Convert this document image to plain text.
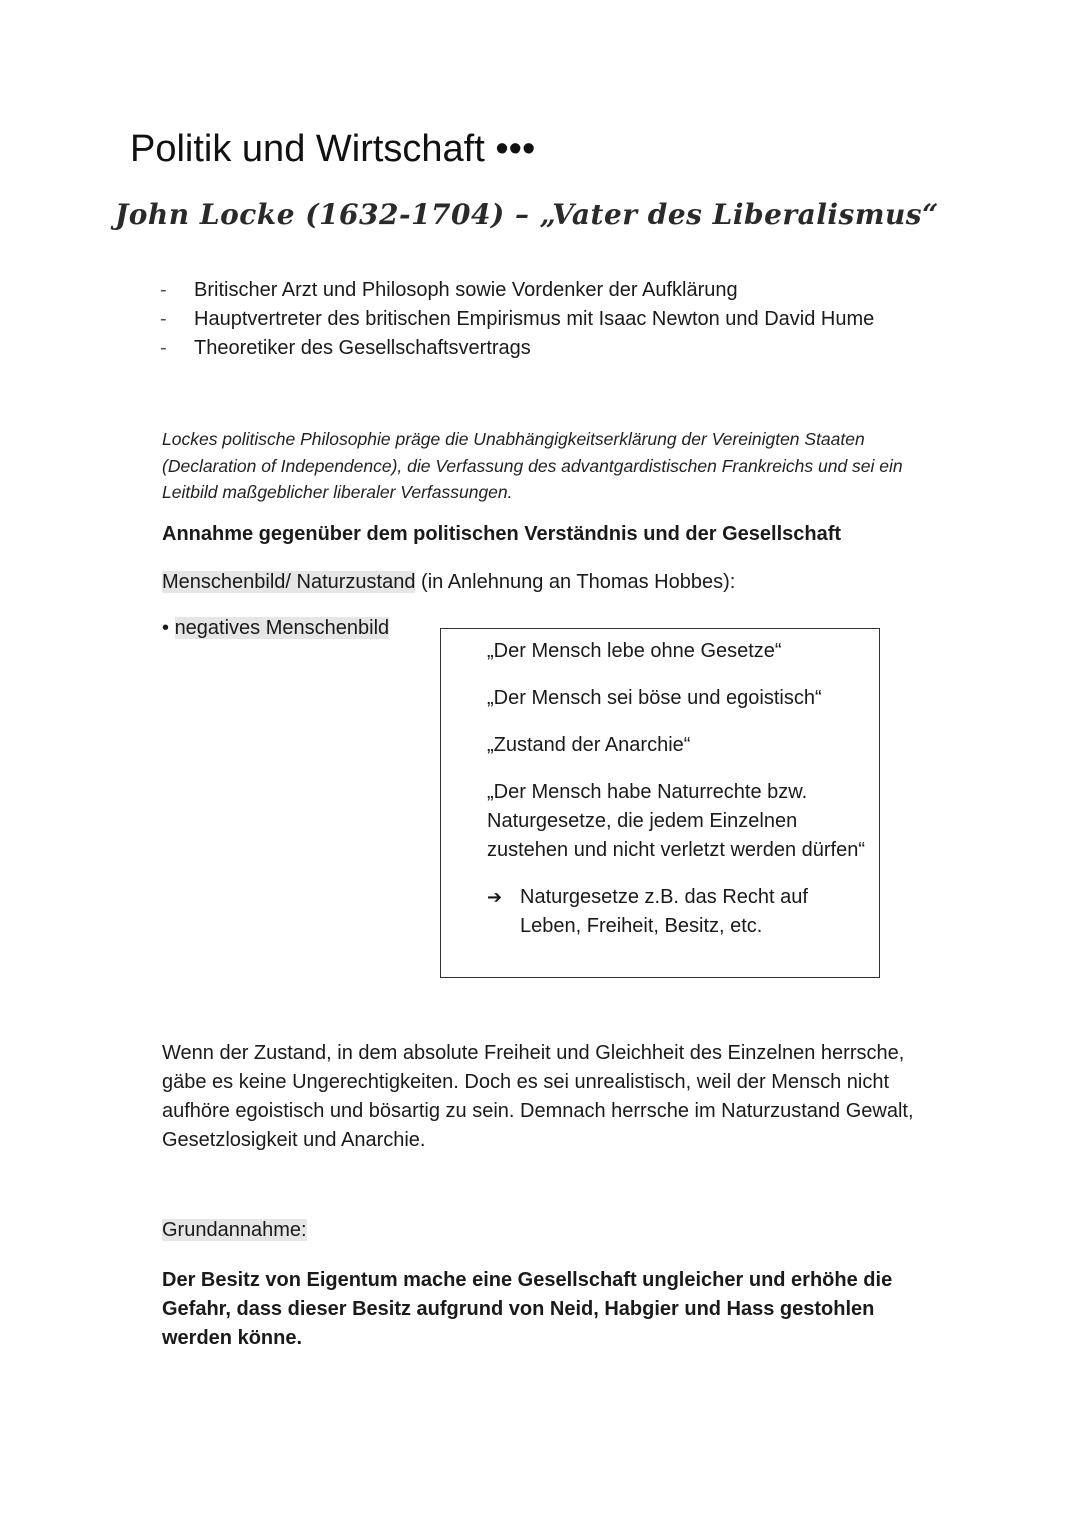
Politik und Wirtschaft •••
John Locke (1632-1704) – „Vater des Liberalismus“
- Britischer Arzt und Philosoph sowie Vordenker der Aufklärung
- Hauptvertreter des britischen Empirismus mit Isaac Newton und David Hume
- Theoretiker des Gesellschaftsvertrags

Lockes politische Philosophie präge die Unabhängigkeitserklärung der Vereinigten Staaten (Declaration of Independence), die Verfassung des advantgardistischen Frankreichs und sei ein Leitbild maßgeblicher liberaler Verfassungen.

Annahme gegenüber dem politischen Verständnis und der Gesellschaft

Menschenbild/ Naturzustand (in Anlehnung an Thomas Hobbes):

• negatives Menschenbild

„Der Mensch lebe ohne Gesetze“

„Der Mensch sei böse und egoistisch“

„Zustand der Anarchie“

„Der Mensch habe Naturrechte bzw. Naturgesetze, die jedem Einzelnen zustehen und nicht verletzt werden dürfen“

➔ Naturgesetze z.B. das Recht auf Leben, Freiheit, Besitz, etc.

Wenn der Zustand, in dem absolute Freiheit und Gleichheit des Einzelnen herrsche, gäbe es keine Ungerechtigkeiten. Doch es sei unrealistisch, weil der Mensch nicht aufhöre egoistisch und bösartig zu sein. Demnach herrsche im Naturzustand Gewalt, Gesetzlosigkeit und Anarchie.

Grundannahme:

Der Besitz von Eigentum mache eine Gesellschaft ungleicher und erhöhe die Gefahr, dass dieser Besitz aufgrund von Neid, Habgier und Hass gestohlen werden könne.
